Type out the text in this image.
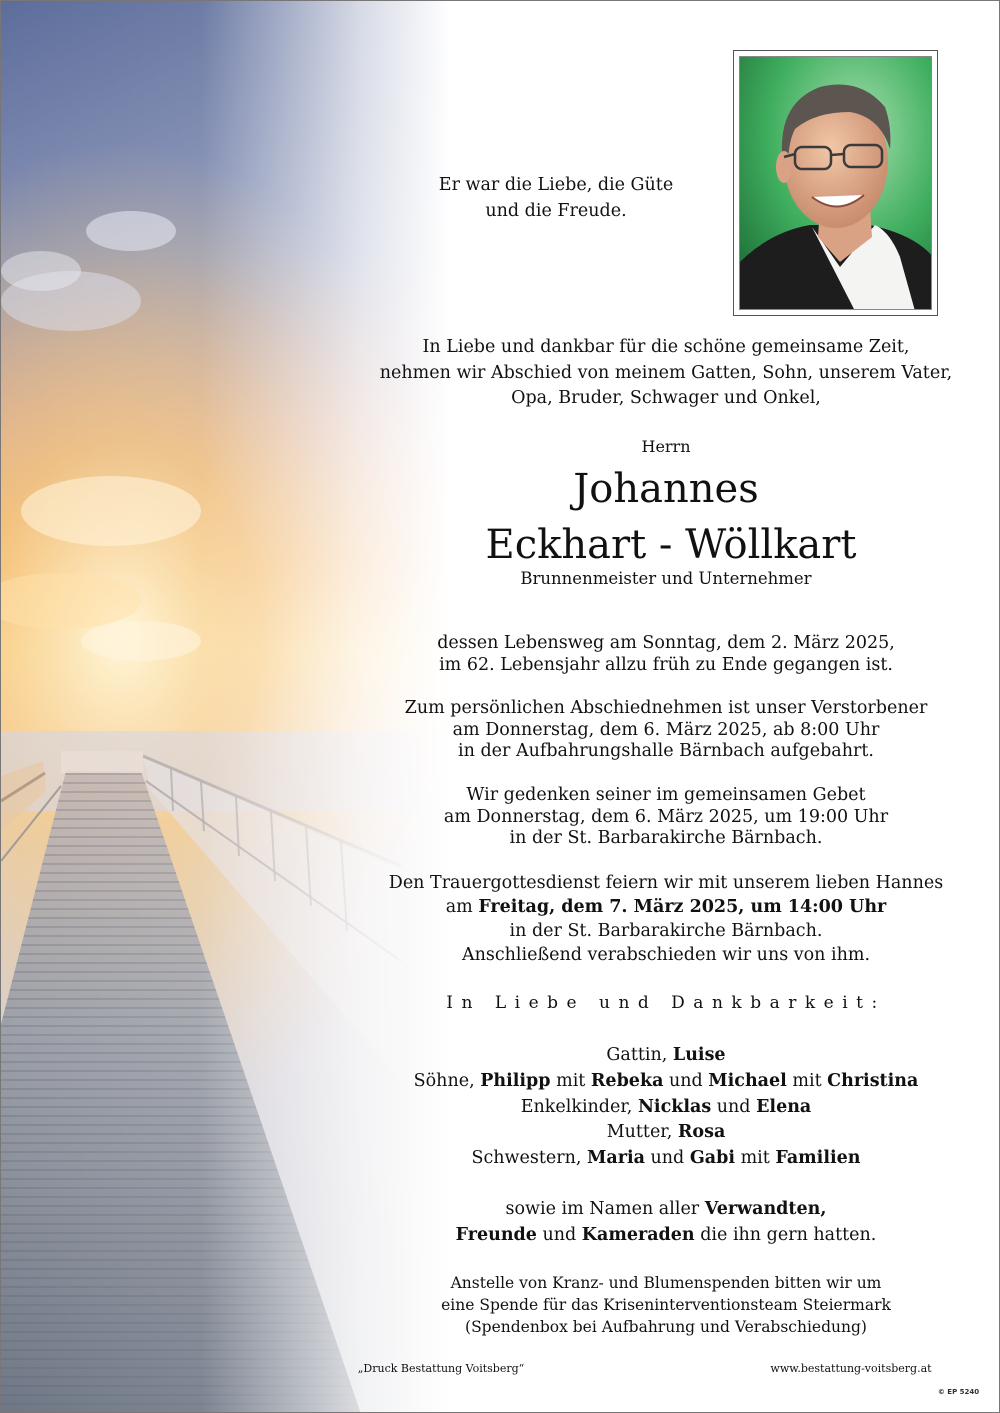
Er war die Liebe, die Güte
und die Freude.
In Liebe und dankbar für die schöne gemeinsame Zeit,
nehmen wir Abschied von meinem Gatten, Sohn, unserem Vater,
Opa, Bruder, Schwager und Onkel,
Herrn
Johannes
Eckhart - Wöllkart
Brunnenmeister und Unternehmer
dessen Lebensweg am Sonntag, dem 2. März 2025,
im 62. Lebensjahr allzu früh zu Ende gegangen ist.
Zum persönlichen Abschiednehmen ist unser Verstorbener
am Donnerstag, dem 6. März 2025, ab 8:00 Uhr
in der Aufbahrungshalle Bärnbach aufgebahrt.
Wir gedenken seiner im gemeinsamen Gebet
am Donnerstag, dem 6. März 2025, um 19:00 Uhr
in der St. Barbarakirche Bärnbach.
Den Trauergottesdienst feiern wir mit unserem lieben Hannes
am Freitag, dem 7. März 2025, um 14:00 Uhr
in der St. Barbarakirche Bärnbach.
Anschließend verabschieden wir uns von ihm.
In Liebe und Dankbarkeit:
Gattin, Luise
Söhne, Philipp mit Rebeka und Michael mit Christina
Enkelkinder, Nicklas und Elena
Mutter, Rosa
Schwestern, Maria und Gabi mit Familien
sowie im Namen aller Verwandten,
Freunde und Kameraden die ihn gern hatten.
Anstelle von Kranz- und Blumenspenden bitten wir um
eine Spende für das Kriseninterventionsteam Steiermark
(Spendenbox bei Aufbahrung und Verabschiedung)
„Druck Bestattung Voitsberg“	www.bestattung-voitsberg.at
© EP 5240
